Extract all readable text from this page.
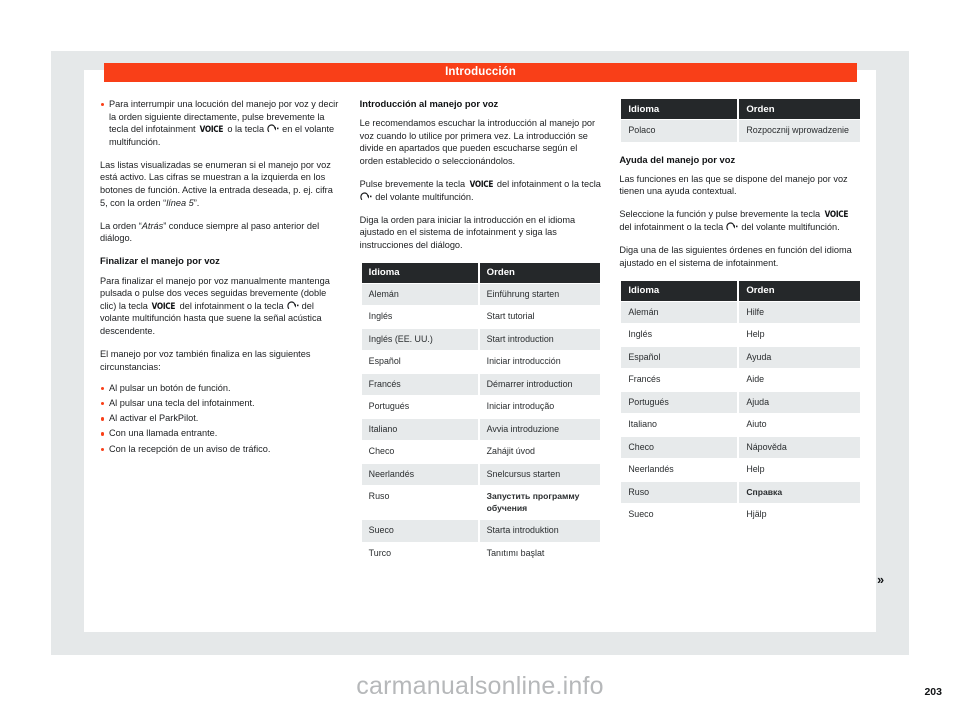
Introducción

Para interrumpir una locución del manejo por voz y decir la orden siguiente directamente, pulse brevemente la tecla del infotainment VOICE o la tecla
en el volante multifunción.

Las listas visualizadas se enumeran si el manejo por voz está activo. Las cifras se muestran a la izquierda en los botones de función. Active la entrada deseada, p. ej. cifra 5, con la orden “línea 5”.

La orden “Atrás” conduce siempre al paso anterior del diálogo.

Finalizar el manejo por voz

Para finalizar el manejo por voz manualmente mantenga pulsada o pulse dos veces seguidas brevemente (doble clic) la tecla VOICE del infotainment o la tecla
del volante multifunción hasta que suene la señal acústica descendente.

El manejo por voz también finaliza en las siguientes circunstancias:

Al pulsar un botón de función.
Al pulsar una tecla del infotainment.
Al activar el ParkPilot.
Con una llamada entrante.
Con la recepción de un aviso de tráfico.
Introducción al manejo por voz

Le recomendamos escuchar la introducción al manejo por voz cuando lo utilice por primera vez. La introducción se divide en apartados que pueden escucharse según el orden establecido o seleccionándolos.

Pulse brevemente la tecla VOICE del infotainment o la tecla
del volante multifunción.

Diga la orden para iniciar la introducción en el idioma ajustado en el sistema de infotainment y siga las instrucciones del diálogo.

Idioma	Orden
Alemán	Einführung starten
Inglés	Start tutorial
Inglés (EE. UU.)	Start introduction
Español	Iniciar introducción
Francés	Démarrer introduction
Portugués	Iniciar introdução
Italiano	Avvia introduzione
Checo	Zahájit úvod
Neerlandés	Snelcursus starten
Ruso	Запустить программу обучения
Sueco	Starta introduktion
Turco	Tanıtımı başlat
Idioma	Orden
Polaco	Rozpocznij wprowadzenie
Ayuda del manejo por voz

Las funciones en las que se dispone del manejo por voz tienen una ayuda contextual.

Seleccione la función y pulse brevemente la tecla VOICE del infotainment o la tecla
del volante multifunción.

Diga una de las siguientes órdenes en función del idioma ajustado en el sistema de infotainment.

Idioma	Orden
Alemán	Hilfe
Inglés	Help
Español	Ayuda
Francés	Aide
Portugués	Ajuda
Italiano	Aiuto
Checo	Nápověda
Neerlandés	Help
Ruso	Справка
Sueco	Hjälp
»
203
carmanualsonline.info
